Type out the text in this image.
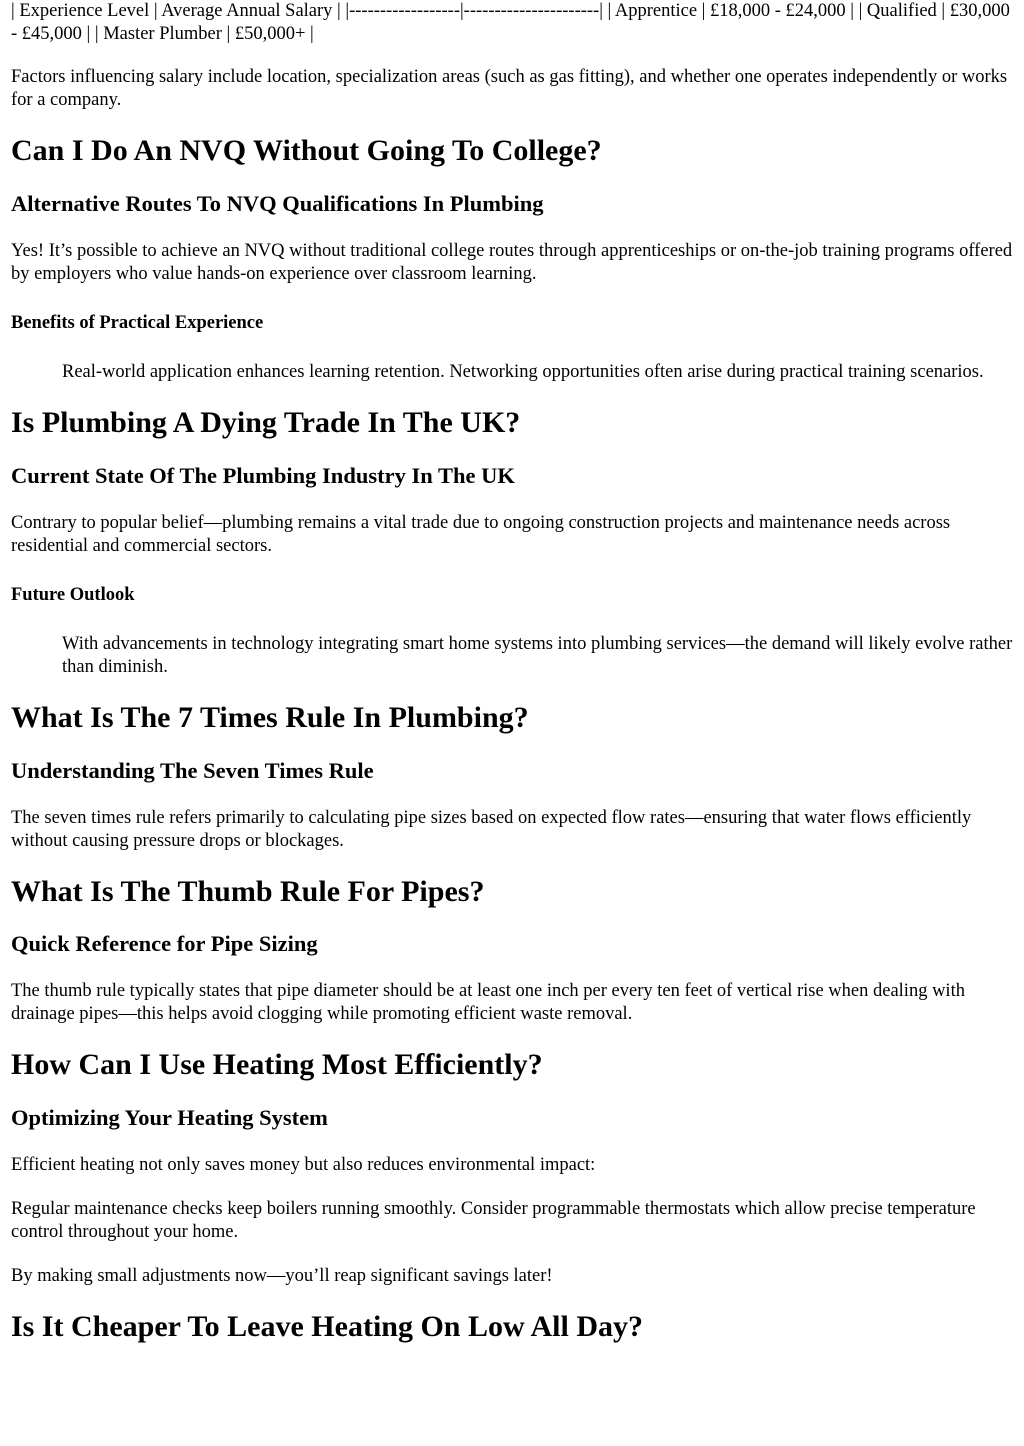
| Experience Level | Average Annual Salary | |------------------|----------------------| | Apprentice | £18,000 - £24,000 | | Qualified | £30,000 - £45,000 | | Master Plumber | £50,000+ |

Factors influencing salary include location, specialization areas (such as gas fitting), and whether one operates independently or works for a company.

Can I Do An NVQ Without Going To College?
Alternative Routes To NVQ Qualifications In Plumbing

Yes! It’s possible to achieve an NVQ without traditional college routes through apprenticeships or on-the-job training programs offered by employers who value hands-on experience over classroom learning.

Benefits of Practical Experience
Real-world application enhances learning retention. Networking opportunities often arise during practical training scenarios.
Is Plumbing A Dying Trade In The UK?
Current State Of The Plumbing Industry In The UK

Contrary to popular belief—plumbing remains a vital trade due to ongoing construction projects and maintenance needs across residential and commercial sectors.

Future Outlook
With advancements in technology integrating smart home systems into plumbing services—the demand will likely evolve rather than diminish.
What Is The 7 Times Rule In Plumbing?
Understanding The Seven Times Rule

The seven times rule refers primarily to calculating pipe sizes based on expected flow rates—ensuring that water flows efficiently without causing pressure drops or blockages.

What Is The Thumb Rule For Pipes?
Quick Reference for Pipe Sizing

The thumb rule typically states that pipe diameter should be at least one inch per every ten feet of vertical rise when dealing with drainage pipes—this helps avoid clogging while promoting efficient waste removal.

How Can I Use Heating Most Efficiently?
Optimizing Your Heating System

Efficient heating not only saves money but also reduces environmental impact:

Regular maintenance checks keep boilers running smoothly. Consider programmable thermostats which allow precise temperature control throughout your home.

By making small adjustments now—you’ll reap significant savings later!

Is It Cheaper To Leave Heating On Low All Day?
